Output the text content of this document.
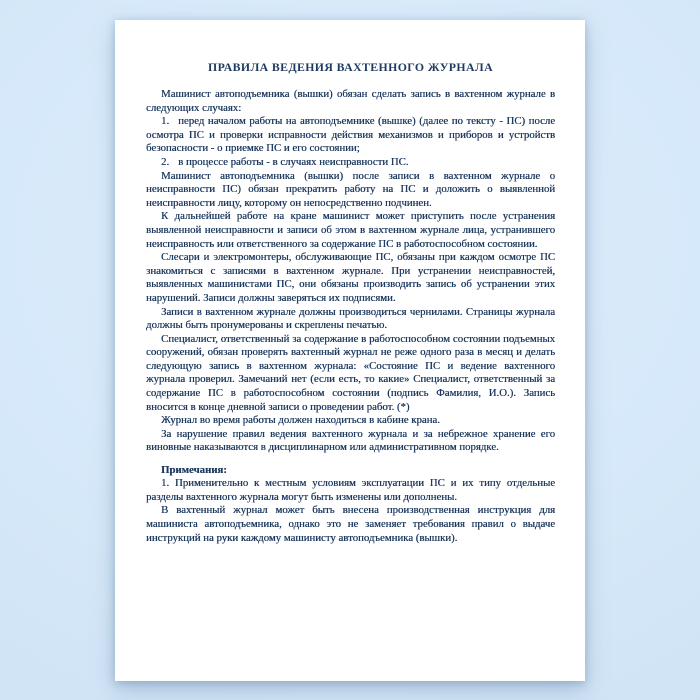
ПРАВИЛА ВЕДЕНИЯ ВАХТЕННОГО ЖУРНАЛА

Машинист автоподъемника (вышки) обязан сделать запись в вахтенном журнале в следующих случаях:

1. перед началом работы на автоподъемнике (вышке) (далее по тексту - ПС) после осмотра ПС и проверки исправности действия механизмов и приборов и устройств безопасности - о приемке ПС и его состоянии;

2. в процессе работы - в случаях неисправности ПС.

Машинист автоподъемника (вышки) после записи в вахтенном журнале о неисправности ПС) обязан прекратить работу на ПС и доложить о выявленной неисправности лицу, которому он непосредственно подчинен.

К дальнейшей работе на кране машинист может приступить после устранения выявленной неисправности и записи об этом в вахтенном журнале лица, устранившего неисправность или ответственного за содержание ПС в работоспособном состоянии.

Слесари и электромонтеры, обслуживающие ПС, обязаны при каждом осмотре ПС знакомиться с записями в вахтенном журнале. При устранении неисправностей, выявленных машинистами ПС, они обязаны производить запись об устранении этих нарушений. Записи должны заверяться их подписями.

Записи в вахтенном журнале должны производиться чернилами. Страницы журнала должны быть пронумерованы и скреплены печатью.

Специалист, ответственный за содержание в работоспособном состоянии подъемных сооружений, обязан проверять вахтенный журнал не реже одного раза в месяц и делать следующую запись в вахтенном журнала: «Состояние ПС и ведение вахтенного журнала проверил. Замечаний нет (если есть, то какие» Специалист, ответственный за содержание ПС в работоспособном состоянии (подпись Фамилия, И.О.). Запись вносится в конце дневной записи о проведении работ. (*)

Журнал во время работы должен находиться в кабине крана.

За нарушение правил ведения вахтенного журнала и за небрежное хранение его виновные наказываются в дисциплинарном или административном порядке.

Примечания:

1. Применительно к местным условиям эксплуатации ПС и их типу отдельные разделы вахтенного журнала могут быть изменены или дополнены.

В вахтенный журнал может быть внесена производственная инструкция для машиниста автоподъемника, однако это не заменяет требования правил о выдаче инструкций на руки каждому машинисту автоподъемника (вышки).
